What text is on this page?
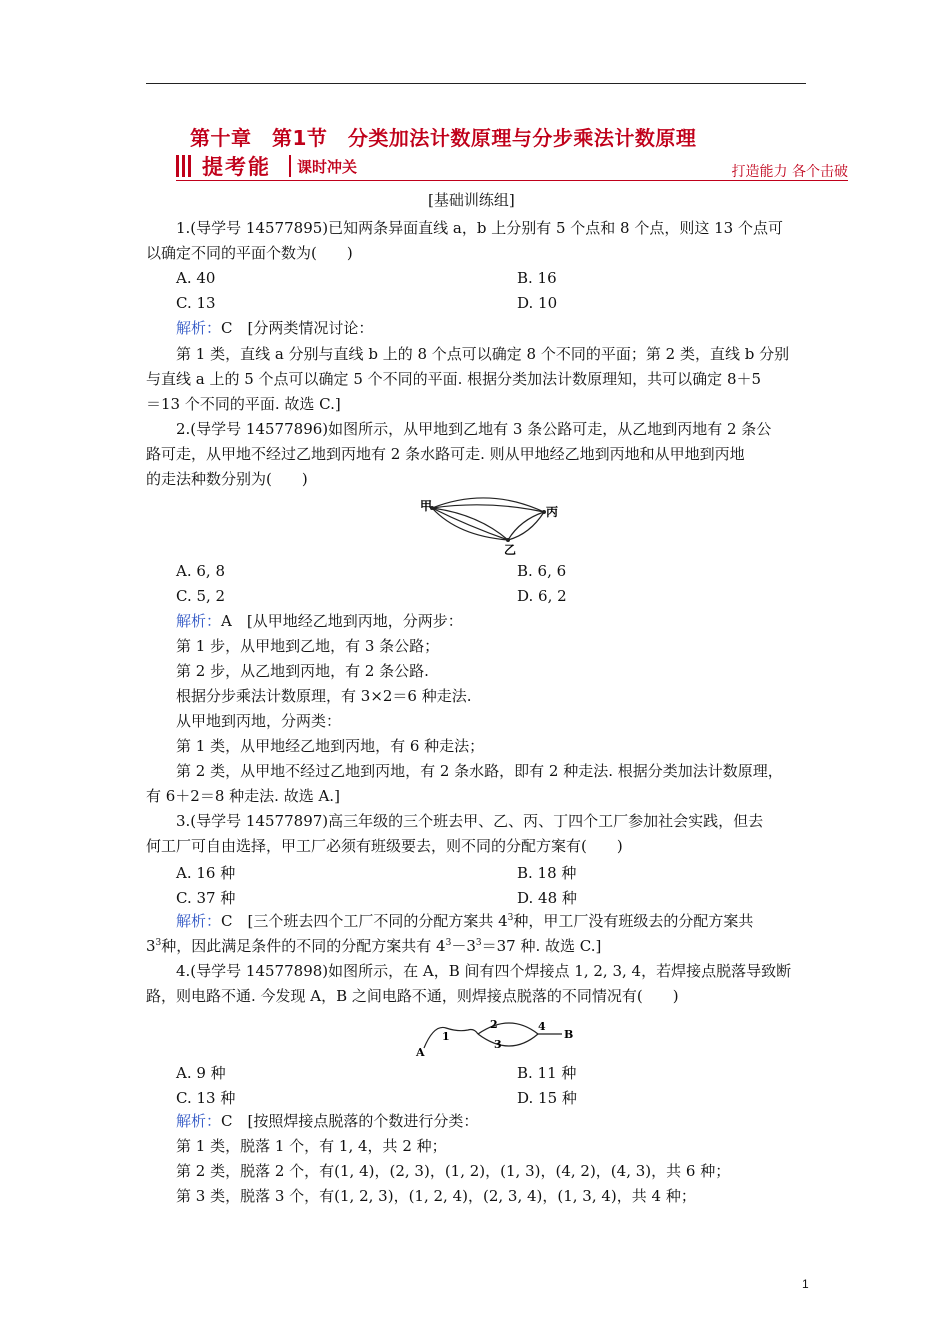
第十章　第1节　分类加法计数原理与分步乘法计数原理
提考能 课时冲关	打造能力 各个击破
[基础训练组]
1.(导学号 14577895)已知两条异面直线 a，b 上分别有 5 个点和 8 个点，则这 13 个点可
以确定不同的平面个数为(　　)
A. 40	B. 16
C. 13	D. 10
解析：C　[分两类情况讨论：
第 1 类，直线 a 分别与直线 b 上的 8 个点可以确定 8 个不同的平面；第 2 类，直线 b 分别
与直线 a 上的 5 个点可以确定 5 个不同的平面. 根据分类加法计数原理知，共可以确定 8＋5
＝13 个不同的平面. 故选 C.]
2.(导学号 14577896)如图所示，从甲地到乙地有 3 条公路可走，从乙地到丙地有 2 条公
路可走，从甲地不经过乙地到丙地有 2 条水路可走. 则从甲地经乙地到丙地和从甲地到丙地
的走法种数分别为(　　)
甲	丙
乙
A. 6, 8	B. 6, 6
C. 5, 2	D. 6, 2
解析：A　[从甲地经乙地到丙地，分两步：
第 1 步，从甲地到乙地，有 3 条公路；
第 2 步，从乙地到丙地，有 2 条公路.
根据分步乘法计数原理，有 3×2＝6 种走法.
从甲地到丙地，分两类：
第 1 类，从甲地经乙地到丙地，有 6 种走法；
第 2 类，从甲地不经过乙地到丙地，有 2 条水路，即有 2 种走法. 根据分类加法计数原理，
有 6＋2＝8 种走法. 故选 A.]
3.(导学号 14577897)高三年级的三个班去甲、乙、丙、丁四个工厂参加社会实践，但去
何工厂可自由选择，甲工厂必须有班级要去，则不同的分配方案有(　　)
A. 16 种	B. 18 种
C. 37 种	D. 48 种
解析：C　[三个班去四个工厂不同的分配方案共 $4^3$种，甲工厂没有班级去的分配方案共
$3^3$种，因此满足条件的不同的分配方案共有 $4^3-3^3=37$ 种. 故选 C.]
4.(导学号 14577898)如图所示，在 A，B 间有四个焊接点 1, 2, 3, 4，若焊接点脱落导致断
路，则电路不通. 今发现 A，B 之间电路不通，则焊接点脱落的不同情况有(　　)
A
1
2
3
4
B
A. 9 种	B. 11 种
C. 13 种	D. 15 种
解析：C　[按照焊接点脱落的个数进行分类：
第 1 类，脱落 1 个，有 1, 4，共 2 种；
第 2 类，脱落 2 个，有(1, 4)，(2, 3)，(1, 2)，(1, 3)，(4, 2)，(4, 3)，共 6 种；
第 3 类，脱落 3 个，有(1, 2, 3)，(1, 2, 4)，(2, 3, 4)，(1, 3, 4)，共 4 种；
1
